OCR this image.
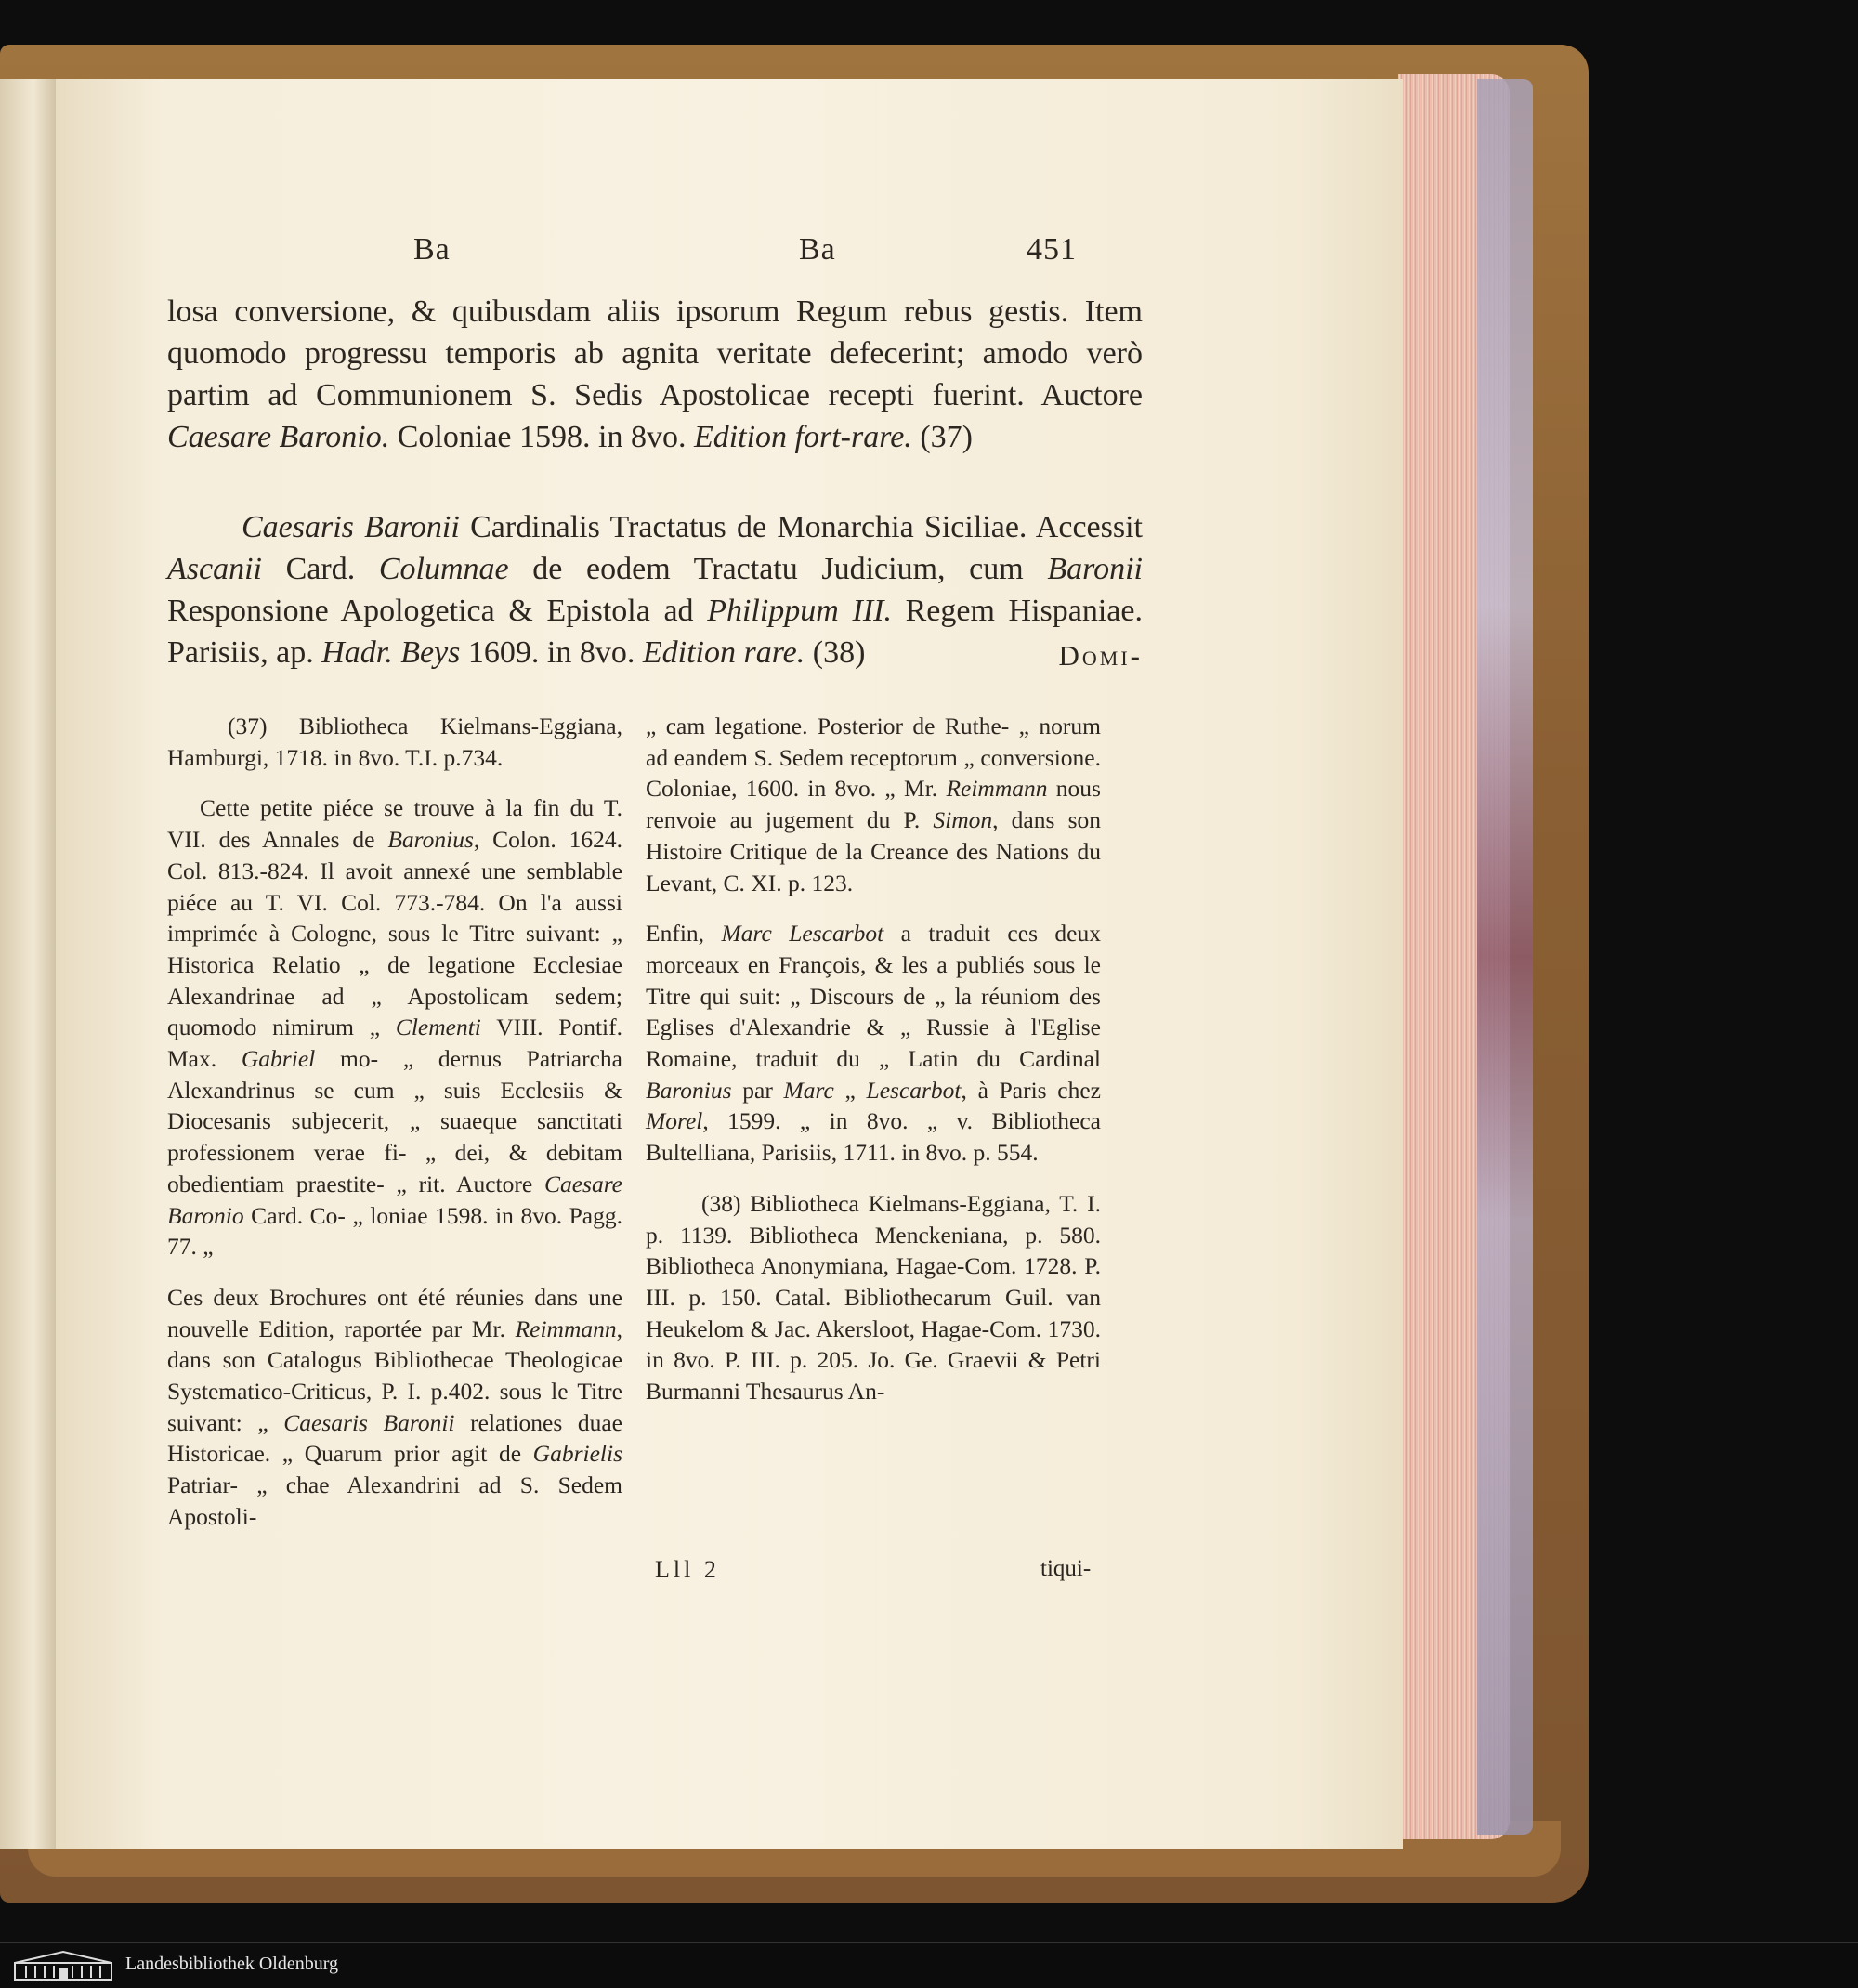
Ba	Ba	451

losa conversione, & quibusdam aliis ipsorum Regum rebus gestis. Item quomodo progressu temporis ab agnita veritate defecerint; amodo verò partim ad Communionem S. Sedis Apostolicae recepti fuerint. Auctore Caesare Baronio. Coloniae 1598. in 8vo. Edition fort-rare. (37)

Caesaris Baronii Cardinalis Tractatus de Monarchia Siciliae. Accessit Ascanii Card. Columnae de eodem Tractatu Judicium, cum Baronii Responsione Apologetica & Epistola ad Philippum III. Regem Hispaniae. Parisiis, ap. Hadr. Beys 1609. in 8vo. Edition rare. (38)	Domi-

(37) Bibliotheca Kielmans-Eggiana, Hamburgi, 1718. in 8vo. T.I. p.734.

Cette petite piéce se trouve à la fin du T. VII. des Annales de Baronius, Colon. 1624. Col. 813.-824. Il avoit annexé une semblable piéce au T. VI. Col. 773.-784. On l'a aussi imprimée à Cologne, sous le Titre suivant: „ Historica Relatio „ de legatione Ecclesiae Alexandrinae ad „ Apostolicam sedem; quomodo nimirum „ Clementi VIII. Pontif. Max. Gabriel mo- „ dernus Patriarcha Alexandrinus se cum „ suis Ecclesiis & Diocesanis subjecerit, „ suaeque sanctitati professionem verae fi- „ dei, & debitam obedientiam praestite- „ rit. Auctore Caesare Baronio Card. Co- „ loniae 1598. in 8vo. Pagg. 77. „

Ces deux Brochures ont été réunies dans une nouvelle Edition, raportée par Mr. Reimmann, dans son Catalogus Bibliothecae Theologicae Systematico-Criticus, P. I. p.402. sous le Titre suivant: „ Caesaris Baronii relationes duae Historicae. „ Quarum prior agit de Gabrielis Patriar- „ chae Alexandrini ad S. Sedem Apostoli-

„ cam legatione. Posterior de Ruthe- „ norum ad eandem S. Sedem receptorum „ conversione. Coloniae, 1600. in 8vo. „ Mr. Reimmann nous renvoie au jugement du P. Simon, dans son Histoire Critique de la Creance des Nations du Levant, C. XI. p. 123.

Enfin, Marc Lescarbot a traduit ces deux morceaux en François, & les a publiés sous le Titre qui suit: „ Discours de „ la réuniom des Eglises d'Alexandrie & „ Russie à l'Eglise Romaine, traduit du „ Latin du Cardinal Baronius par Marc „ Lescarbot, à Paris chez Morel, 1599. „ in 8vo. „ v. Bibliotheca Bultelliana, Parisiis, 1711. in 8vo. p. 554.

(38) Bibliotheca Kielmans-Eggiana, T. I. p. 1139. Bibliotheca Menckeniana, p. 580. Bibliotheca Anonymiana, Hagae-Com. 1728. P. III. p. 150. Catal. Bibliothecarum Guil. van Heukelom & Jac. Akersloot, Hagae-Com. 1730. in 8vo. P. III. p. 205. Jo. Ge. Graevii & Petri Burmanni Thesaurus An-

Lll 2	tiqui-
Landesbibliothek Oldenburg
